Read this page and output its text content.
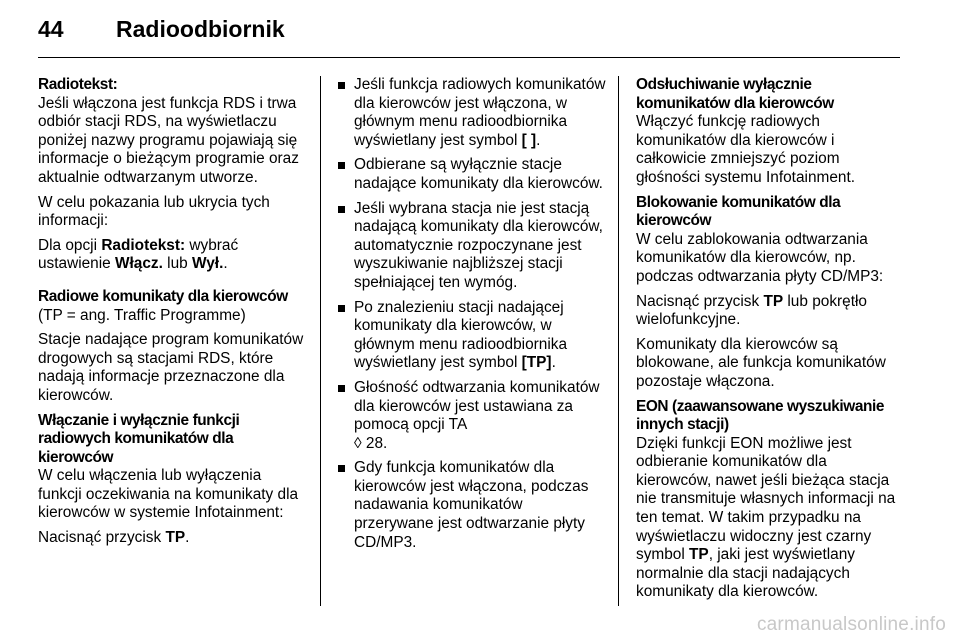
44	Radioodbiornik
Radiotekst:
Jeśli włączona jest funkcja RDS i trwa odbiór stacji RDS, na wyświetlaczu poniżej nazwy programu pojawiają się informacje o bieżącym programie oraz aktualnie odtwarzanym utworze.
W celu pokazania lub ukrycia tych informacji:
Dla opcji Radiotekst: wybrać ustawienie Włącz. lub Wył..
Radiowe komunikaty dla kierowców
(TP = ang. Traffic Programme)
Stacje nadające program komunikatów drogowych są stacjami RDS, które nadają informacje przeznaczone dla kierowców.
Włączanie i wyłącznie funkcji radiowych komunikatów dla kierowców
W celu włączenia lub wyłączenia funkcji oczekiwania na komunikaty dla kierowców w systemie Infotainment:
Nacisnąć przycisk TP.
Jeśli funkcja radiowych komunikatów dla kierowców jest włączona, w głównym menu radioodbiornika wyświetlany jest symbol [ ].
Odbierane są wyłącznie stacje nadające komunikaty dla kierowców.
Jeśli wybrana stacja nie jest stacją nadającą komunikaty dla kierowców, automatycznie rozpoczynane jest wyszukiwanie najbliższej stacji spełniającej ten wymóg.
Po znalezieniu stacji nadającej komunikaty dla kierowców, w głównym menu radioodbiornika wyświetlany jest symbol [TP].
Głośność odtwarzania komunikatów dla kierowców jest ustawiana za pomocą opcji TA
◊ 28.
Gdy funkcja komunikatów dla kierowców jest włączona, podczas nadawania komunikatów przerywane jest odtwarzanie płyty CD/MP3.
Odsłuchiwanie wyłącznie komunikatów dla kierowców
Włączyć funkcję radiowych komunikatów dla kierowców i całkowicie zmniejszyć poziom głośności systemu Infotainment.
Blokowanie komunikatów dla kierowców
W celu zablokowania odtwarzania komunikatów dla kierowców, np. podczas odtwarzania płyty CD/MP3:
Nacisnąć przycisk TP lub pokrętło wielofunkcyjne.
Komunikaty dla kierowców są blokowane, ale funkcja komunikatów pozostaje włączona.
EON (zaawansowane wyszukiwanie innych stacji)
Dzięki funkcji EON możliwe jest odbieranie komunikatów dla kierowców, nawet jeśli bieżąca stacja nie transmituje własnych informacji na ten temat. W takim przypadku na wyświetlaczu widoczny jest czarny symbol TP, jaki jest wyświetlany normalnie dla stacji nadających komunikaty dla kierowców.
carmanualsonline.info
